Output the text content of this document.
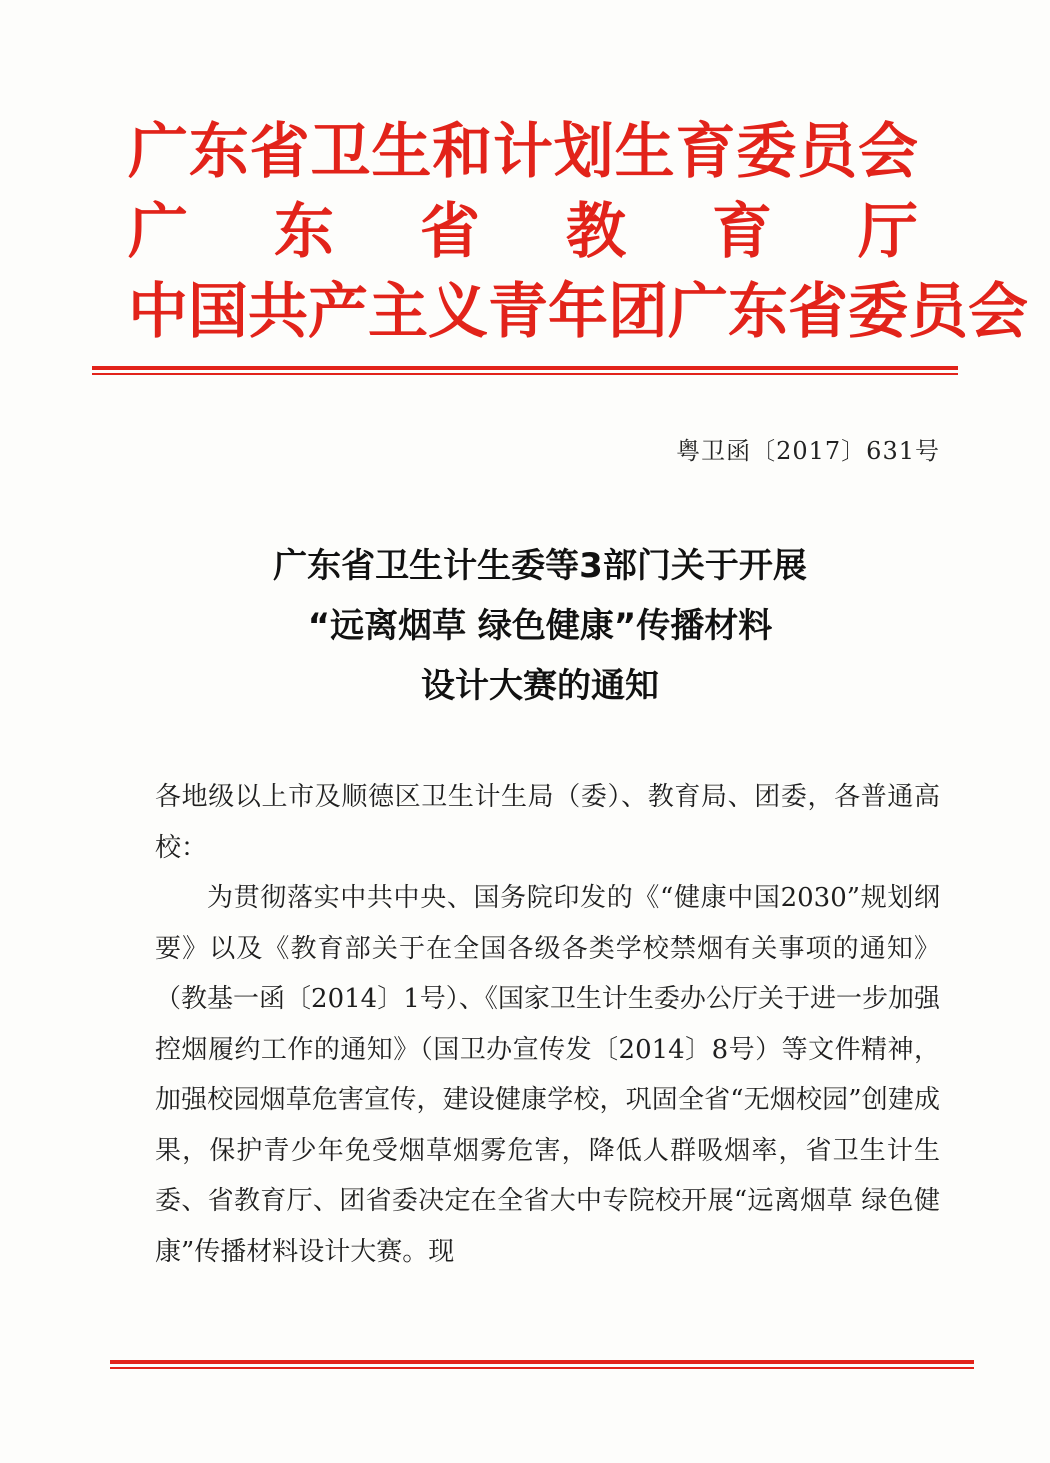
广 东 省 卫 生 和 计 划 生 育 委 员 会
广 东 省 教 育 厅
中 国 共 产 主 义 青 年 团 广 东 省 委 员 会
粤卫函〔2017〕631号
广东省卫生计生委等3部门关于开展
“远离烟草 绿色健康”传播材料
设计大赛的通知

各地级以上市及顺德区卫生计生局（委）、教育局、团委，各普通高校：

为贯彻落实中共中央、国务院印发的《“健康中国2030”规划纲要》以及《教育部关于在全国各级各类学校禁烟有关事项的通知》（教基一函〔2014〕1号）、《国家卫生计生委办公厅关于进一步加强控烟履约工作的通知》（国卫办宣传发〔2014〕8号）等文件精神，加强校园烟草危害宣传，建设健康学校，巩固全省“无烟校园”创建成果，保护青少年免受烟草烟雾危害，降低人群吸烟率，省卫生计生委、省教育厅、团省委决定在全省大中专院校开展“远离烟草 绿色健康”传播材料设计大赛。现
